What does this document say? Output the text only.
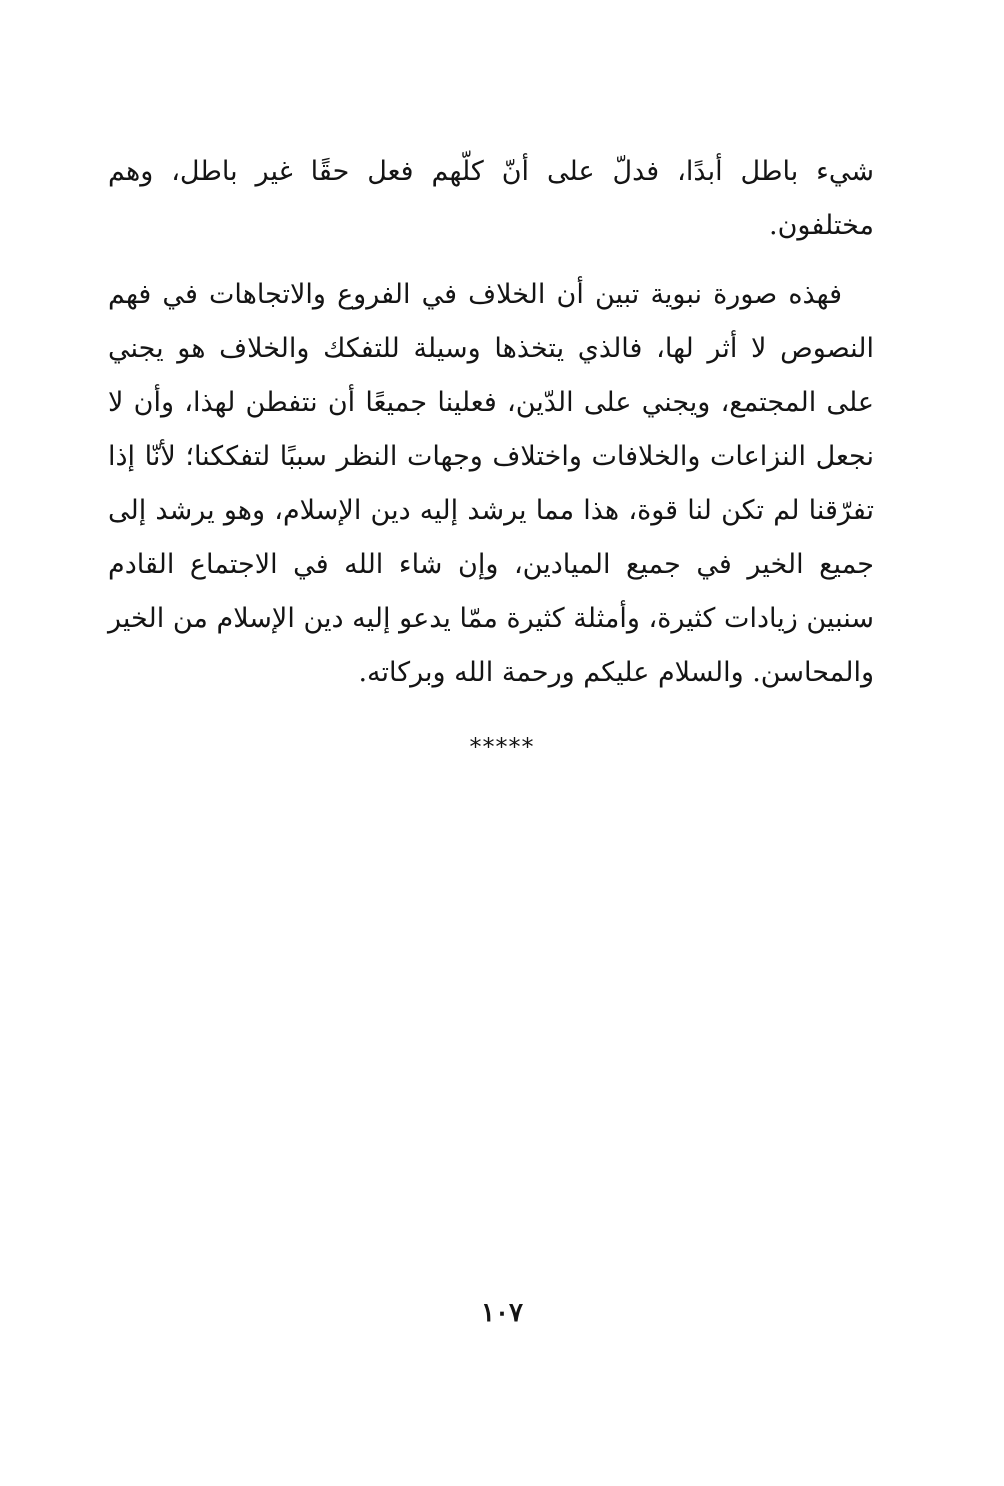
شيء باطل أبدًا، فدلّ على أنّ كلّهم فعل حقًا غير باطل، وهم مختلفون.

فهذه صورة نبوية تبين أن الخلاف في الفروع والاتجاهات في فهم النصوص لا أثر لها، فالذي يتخذها وسيلة للتفكك والخلاف هو يجني على المجتمع، ويجني على الدّين، فعلينا جميعًا أن نتفطن لهذا، وأن لا نجعل النزاعات والخلافات واختلاف وجهات النظر سببًا لتفككنا؛ لأنّا إذا تفرّقنا لم تكن لنا قوة، هذا مما يرشد إليه دين الإسلام، وهو يرشد إلى جميع الخير في جميع الميادين، وإن شاء الله في الاجتماع القادم سنبين زيادات كثيرة، وأمثلة كثيرة ممّا يدعو إليه دين الإسلام من الخير والمحاسن. والسلام عليكم ورحمة الله وبركاته.

*****
١٠٧
